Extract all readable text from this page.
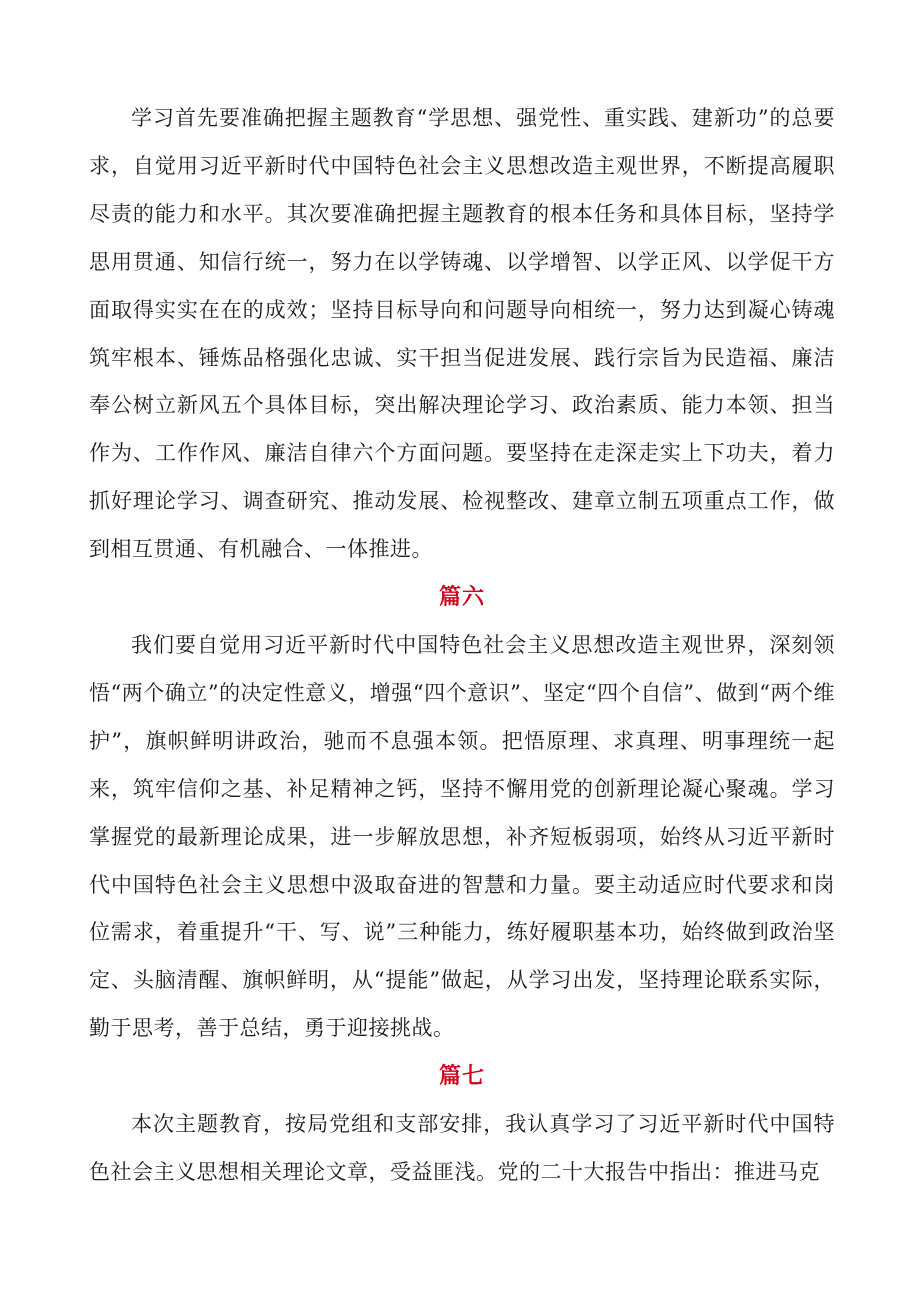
学习首先要准确把握主题教育“学思想、强党性、重实践、建新功”的总要求，自觉用习近平新时代中国特色社会主义思想改造主观世界，不断提高履职尽责的能力和水平。其次要准确把握主题教育的根本任务和具体目标，坚持学思用贯通、知信行统一，努力在以学铸魂、以学增智、以学正风、以学促干方面取得实实在在的成效；坚持目标导向和问题导向相统一，努力达到凝心铸魂筑牢根本、锤炼品格强化忠诚、实干担当促进发展、践行宗旨为民造福、廉洁奉公树立新风五个具体目标，突出解决理论学习、政治素质、能力本领、担当作为、工作作风、廉洁自律六个方面问题。要坚持在走深走实上下功夫，着力抓好理论学习、调查研究、推动发展、检视整改、建章立制五项重点工作，做到相互贯通、有机融合、一体推进。

篇六

我们要自觉用习近平新时代中国特色社会主义思想改造主观世界，深刻领悟“两个确立”的决定性意义，增强“四个意识”、坚定“四个自信”、做到“两个维护”，旗帜鲜明讲政治，驰而不息强本领。把悟原理、求真理、明事理统一起来，筑牢信仰之基、补足精神之钙，坚持不懈用党的创新理论凝心聚魂。学习掌握党的最新理论成果，进一步解放思想，补齐短板弱项，始终从习近平新时代中国特色社会主义思想中汲取奋进的智慧和力量。要主动适应时代要求和岗位需求，着重提升“干、写、说”三种能力，练好履职基本功，始终做到政治坚定、头脑清醒、旗帜鲜明，从“提能”做起，从学习出发，坚持理论联系实际，勤于思考，善于总结，勇于迎接挑战。

篇七

本次主题教育，按局党组和支部安排，我认真学习了习近平新时代中国特色社会主义思想相关理论文章，受益匪浅。党的二十大报告中指出：推进马克
